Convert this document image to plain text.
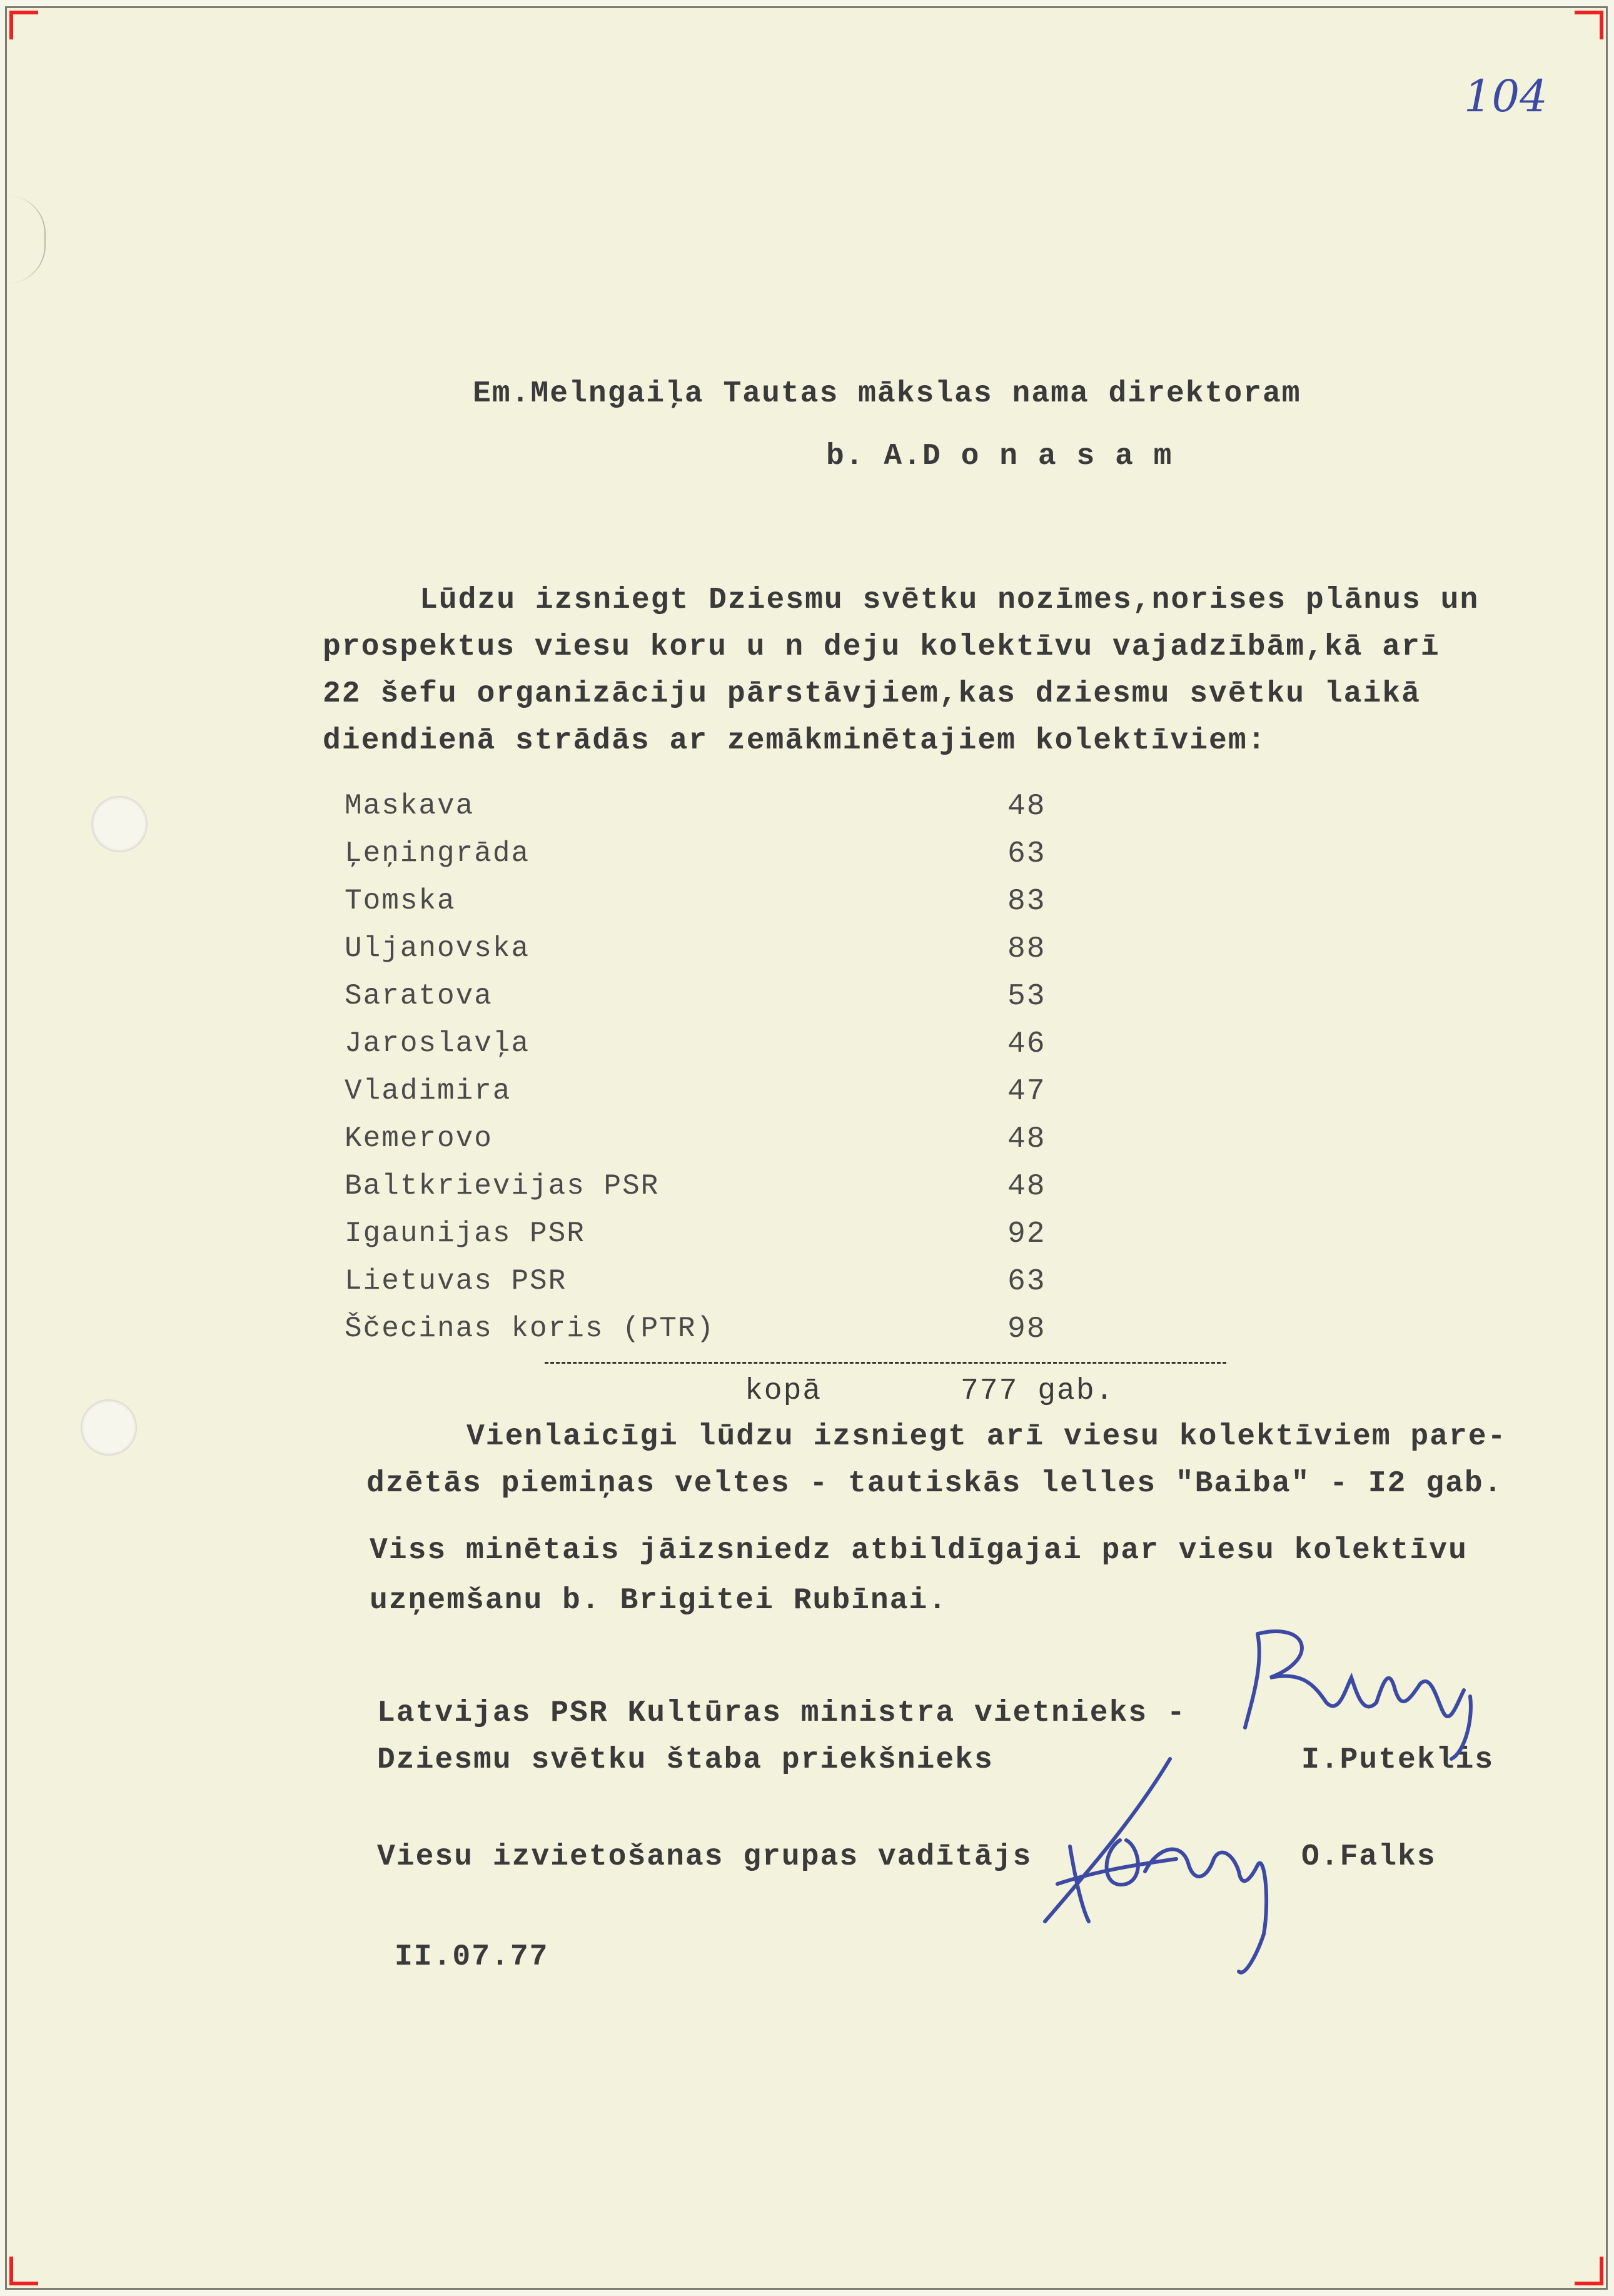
104
Em.Melngaiļa Tautas mākslas nama direktoram
b. A.D o n a s a m
Lūdzu izsniegt Dziesmu svētku nozīmes,norises plānus un
prospektus viesu koru u n deju kolektīvu vajadzībām,kā arī
22 šefu organizāciju pārstāvjiem,kas dziesmu svētku laikā
diendienā strādās ar zemākminētajiem kolektīviem:
Maskava	48
Ļeņingrāda	63
Tomska	83
Uljanovska	88
Saratova	53
Jaroslavļa	46
Vladimira	47
Kemerovo	48
Baltkrievijas PSR	48
Igaunijas PSR	92
Lietuvas PSR	63
Ščecinas koris (PTR)	98
kopā	777 gab.
Vienlaicīgi lūdzu izsniegt arī viesu kolektīviem pare-
dzētās piemiņas veltes - tautiskās lelles "Baiba" - I2 gab.
Viss minētais jāizsniedz atbildīgajai par viesu kolektīvu
uzņemšanu b. Brigitei Rubīnai.
Latvijas PSR Kultūras ministra vietnieks -
Dziesmu svētku štaba priekšnieks	I.Puteklis
Viesu izvietošanas grupas vadītājs	O.Falks
II.07.77
